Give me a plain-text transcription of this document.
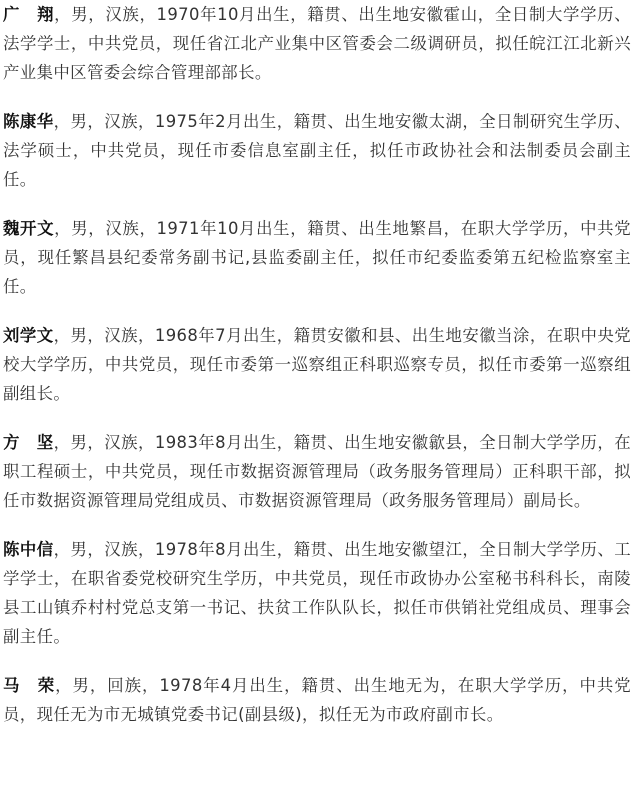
广　翔，男，汉族，1970年10月出生，籍贯、出生地安徽霍山，全日制大学学历、法学学士，中共党员，现任省江北产业集中区管委会二级调研员，拟任皖江江北新兴产业集中区管委会综合管理部部长。

陈康华，男，汉族，1975年2月出生，籍贯、出生地安徽太湖，全日制研究生学历、法学硕士，中共党员，现任市委信息室副主任，拟任市政协社会和法制委员会副主任。

魏开文，男，汉族，1971年10月出生，籍贯、出生地繁昌，在职大学学历，中共党员，现任繁昌县纪委常务副书记,县监委副主任，拟任市纪委监委第五纪检监察室主任。

刘学文，男，汉族，1968年7月出生，籍贯安徽和县、出生地安徽当涂，在职中央党校大学学历，中共党员，现任市委第一巡察组正科职巡察专员，拟任市委第一巡察组副组长。

方　坚，男，汉族，1983年8月出生，籍贯、出生地安徽歙县，全日制大学学历，在职工程硕士，中共党员，现任市数据资源管理局（政务服务管理局）正科职干部，拟任市数据资源管理局党组成员、市数据资源管理局（政务服务管理局）副局长。

陈中信，男，汉族，1978年8月出生，籍贯、出生地安徽望江，全日制大学学历、工学学士，在职省委党校研究生学历，中共党员，现任市政协办公室秘书科科长，南陵县工山镇乔村村党总支第一书记、扶贫工作队队长，拟任市供销社党组成员、理事会副主任。

马　荣，男，回族，1978年4月出生，籍贯、出生地无为，在职大学学历，中共党员，现任无为市无城镇党委书记(副县级)，拟任无为市政府副市长。
